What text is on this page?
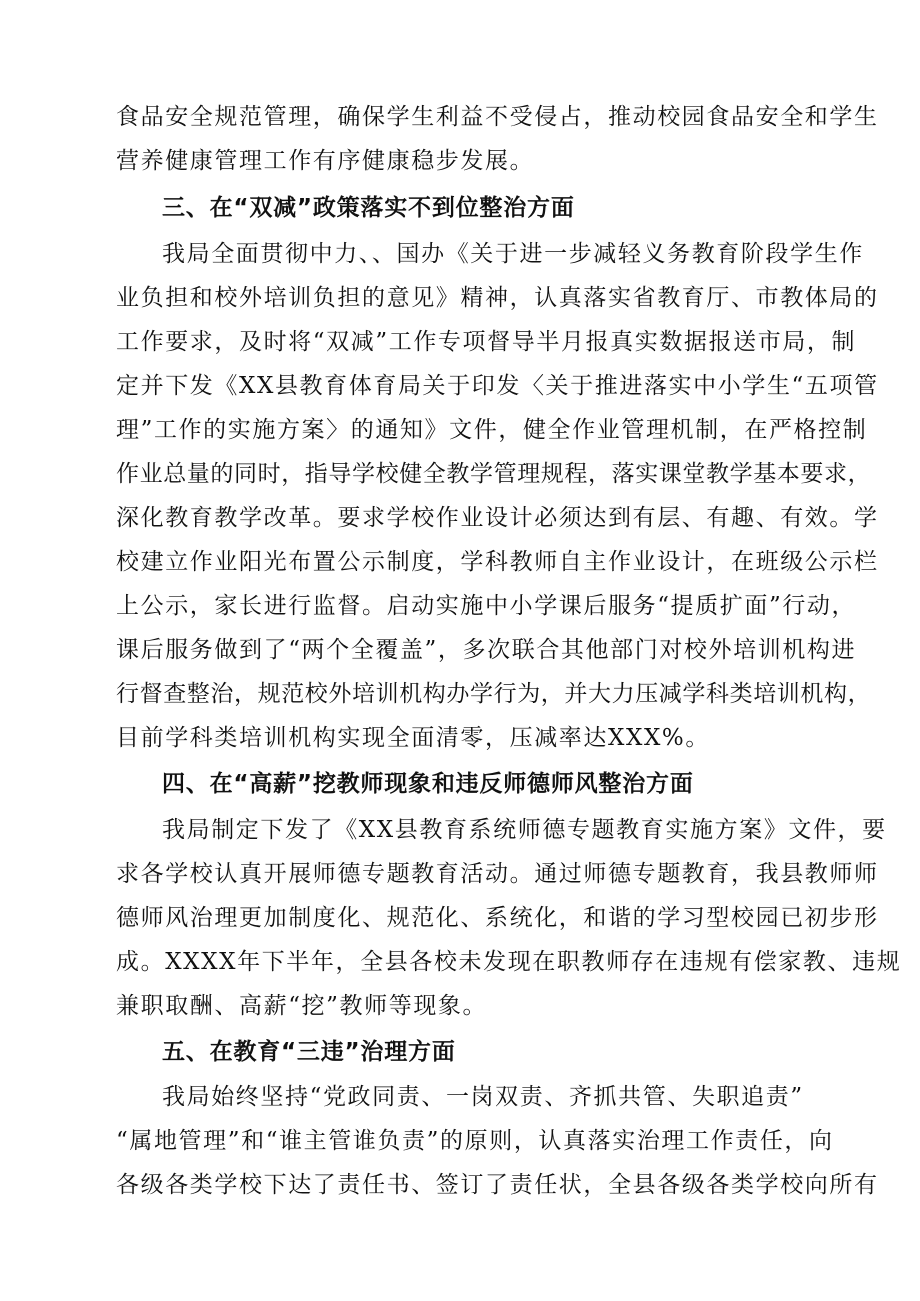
食品安全规范管理，确保学生利益不受侵占，推动校园食品安全和学生
营养健康管理工作有序健康稳步发展。
三、在“双减”政策落实不到位整治方面
我局全面贯彻中力、、国办《关于进一步减轻义务教育阶段学生作
业负担和校外培训负担的意见》精神，认真落实省教育厅、市教体局的
工作要求，及时将“双减”工作专项督导半月报真实数据报送市局，制
定并下发《XX县教育体育局关于印发〈关于推进落实中小学生“五项管
理”工作的实施方案〉的通知》文件，健全作业管理机制，在严格控制
作业总量的同时，指导学校健全教学管理规程，落实课堂教学基本要求，
深化教育教学改革。要求学校作业设计必须达到有层、有趣、有效。学
校建立作业阳光布置公示制度，学科教师自主作业设计，在班级公示栏
上公示，家长进行监督。启动实施中小学课后服务“提质扩面”行动，
课后服务做到了“两个全覆盖”，多次联合其他部门对校外培训机构进
行督查整治，规范校外培训机构办学行为，并大力压减学科类培训机构，
目前学科类培训机构实现全面清零，压减率达XXX%。
四、在“高薪”挖教师现象和违反师德师风整治方面
我局制定下发了《XX县教育系统师德专题教育实施方案》文件，要
求各学校认真开展师德专题教育活动。通过师德专题教育，我县教师师
德师风治理更加制度化、规范化、系统化，和谐的学习型校园已初步形
成。XXXX年下半年，全县各校未发现在职教师存在违规有偿家教、违规
兼职取酬、高薪“挖”教师等现象。
五、在教育“三违”治理方面
我局始终坚持“党政同责、一岗双责、齐抓共管、失职追责”
“属地管理”和“谁主管谁负责”的原则，认真落实治理工作责任，向
各级各类学校下达了责任书、签订了责任状，全县各级各类学校向所有
